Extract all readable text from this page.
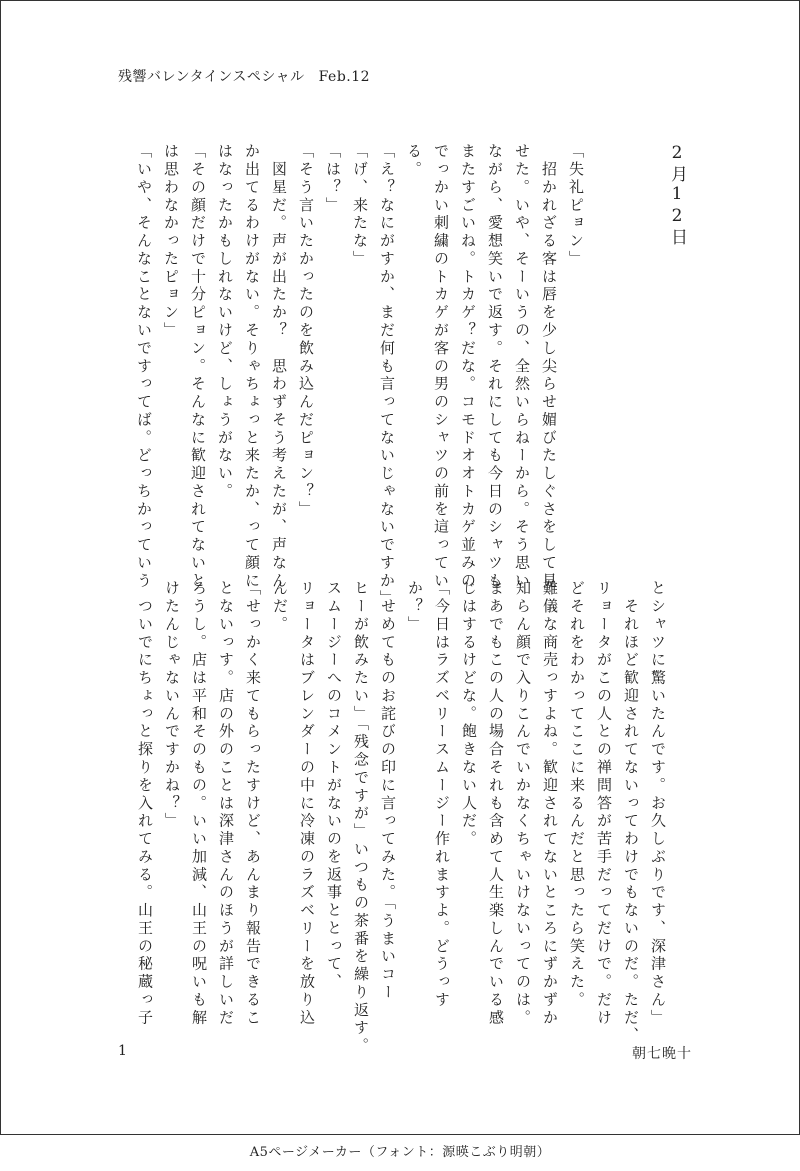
残響バレンタインスペシャル Feb.12
2月12日
「失礼ピョン」
　招かれざる客は唇を少し尖らせ媚びたしぐさをして見
せた。いや、そーいうの、全然いらねーから。そう思い
ながら、愛想笑いで返す。それにしても今日のシャツも
またすごいね。トカゲ？だな。コモドオオトカゲ並みの
でっかい刺繍のトカゲが客の男のシャツの前を這ってい
る。
「え？なにがすか、まだ何も言ってないじゃないですか」
「げ、来たな」
「は？」
「そう言いたかったのを飲み込んだピョン？」
　図星だ。声が出たか？　思わずそう考えたが、声なん
か出てるわけがない。そりゃちょっと来たか、って顔に
はなったかもしれないけど、しょうがない。
「その顔だけで十分ピョン。そんなに歓迎されてないと
は思わなかったピョン」
「いや、そんなことないですってば。どっちかっていう
とシャツに驚いたんです。お久しぶりです、深津さん」
　それほど歓迎されてないってわけでもないのだ。ただ、
リョータがこの人との禅問答が苦手だってだけで。だけ
どそれをわかってここに来るんだと思ったら笑えた。
難儀な商売っすよね。歓迎されてないところにずかずか
知らん顔で入りこんでいかなくちゃいけないってのは。
まあでもこの人の場合それも含めて人生楽しんでいる感
じはするけどな。飽きない人だ。
「今日はラズベリースムージー作れますよ。どうっす
か？」
　せめてものお詫びの印に言ってみた。「うまいコー
ヒーが飲みたい」「残念ですが」いつもの茶番を繰り返す。
スムージーへのコメントがないのを返事ととって、
リョータはブレンダーの中に冷凍のラズベリーを放り込
んだ。
「せっかく来てもらったすけど、あんまり報告できるこ
とないっす。店の外のことは深津さんのほうが詳しいだ
ろうし。店は平和そのもの。いい加減、山王の呪いも解
けたんじゃないんですかね？」
　ついでにちょっと探りを入れてみる。山王の秘蔵っ子
1	朝七晩十
A5ページメーカー（フォント：源暎こぶり明朝）
